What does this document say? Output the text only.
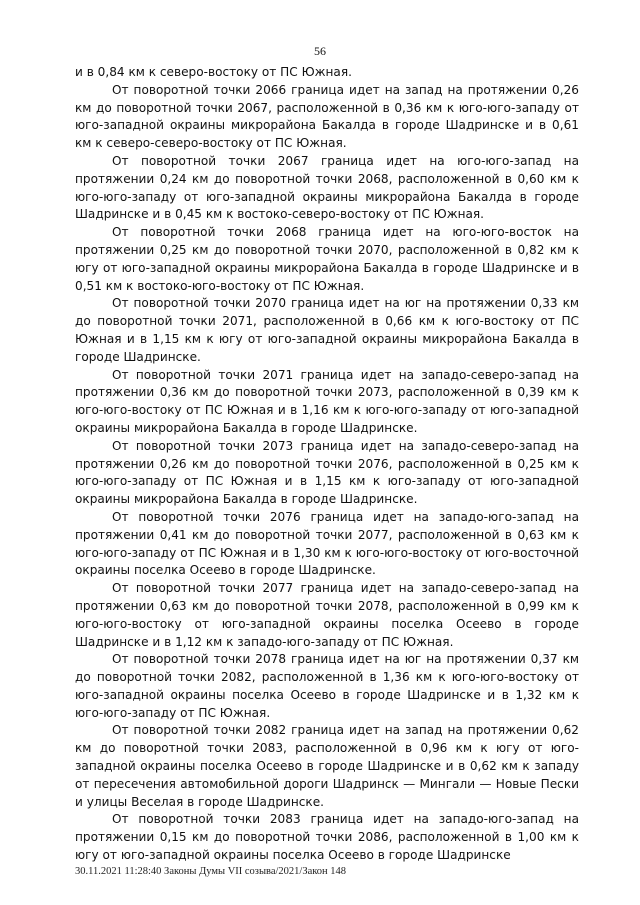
56

и в 0,84 км к северо-востоку от ПС Южная.

От поворотной точки 2066 граница идет на запад на протяжении 0,26 км до поворотной точки 2067, расположенной в 0,36 км к юго-юго-западу от юго-западной окраины микрорайона Бакалда в городе Шадринске и в 0,61 км к северо-северо-востоку от ПС Южная.

От поворотной точки 2067 граница идет на юго-юго-запад на протяжении 0,24 км до поворотной точки 2068, расположенной в 0,60 км к юго-юго-западу от юго-западной окраины микрорайона Бакалда в городе Шадринске и в 0,45 км к востоко-северо-востоку от ПС Южная.

От поворотной точки 2068 граница идет на юго-юго-восток на протяжении 0,25 км до поворотной точки 2070, расположенной в 0,82 км к югу от юго-западной окраины микрорайона Бакалда в городе Шадринске и в 0,51 км к востоко-юго-востоку от ПС Южная.

От поворотной точки 2070 граница идет на юг на протяжении 0,33 км до поворотной точки 2071, расположенной в 0,66 км к юго-востоку от ПС Южная и в 1,15 км к югу от юго-западной окраины микрорайона Бакалда в городе Шадринске.

От поворотной точки 2071 граница идет на западо-северо-запад на протяжении 0,36 км до поворотной точки 2073, расположенной в 0,39 км к юго-юго-востоку от ПС Южная и в 1,16 км к юго-юго-западу от юго-западной окраины микрорайона Бакалда в городе Шадринске.

От поворотной точки 2073 граница идет на западо-северо-запад на протяжении 0,26 км до поворотной точки 2076, расположенной в 0,25 км к юго-юго-западу от ПС Южная и в 1,15 км к юго-западу от юго-западной окраины микрорайона Бакалда в городе Шадринске.

От поворотной точки 2076 граница идет на западо-юго-запад на протяжении 0,41 км до поворотной точки 2077, расположенной в 0,63 км к юго-юго-западу от ПС Южная и в 1,30 км к юго-юго-востоку от юго-восточной окраины поселка Осеево в городе Шадринске.

От поворотной точки 2077 граница идет на западо-северо-запад на протяжении 0,63 км до поворотной точки 2078, расположенной в 0,99 км к юго-юго-востоку от юго-западной окраины поселка Осеево в городе Шадринске и в 1,12 км к западо-юго-западу от ПС Южная.

От поворотной точки 2078 граница идет на юг на протяжении 0,37 км до поворотной точки 2082, расположенной в 1,36 км к юго-юго-востоку от юго-западной окраины поселка Осеево в городе Шадринске и в 1,32 км к юго-юго-западу от ПС Южная.

От поворотной точки 2082 граница идет на запад на протяжении 0,62 км до поворотной точки 2083, расположенной в 0,96 км к югу от юго-западной окраины поселка Осеево в городе Шадринске и в 0,62 км к западу от пересечения автомобильной дороги Шадринск — Мингали — Новые Пески и улицы Веселая в городе Шадринске.

От поворотной точки 2083 граница идет на западо-юго-запад на протяжении 0,15 км до поворотной точки 2086, расположенной в 1,00 км к югу от юго-западной окраины поселка Осеево в городе Шадринске

30.11.2021 11:28:40 Законы Думы VII созыва/2021/Закон 148
